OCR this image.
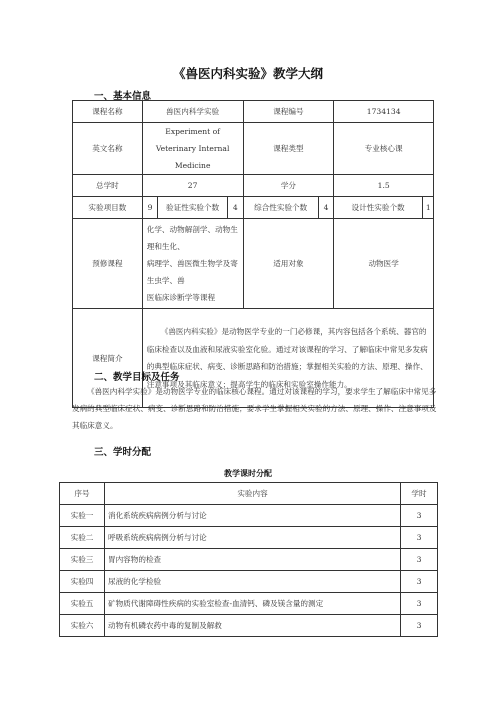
《兽医内科实验》教学大纲
一、基本信息
课程名称	兽医内科学实验			课程编号		1734134	
英文名称	Experiment of Veterinary Internal
Medicine			课程类型		专业核心课	
总学时	27			学分		1.5	
实验项目数	9	验证性实验个数	4	综合性实验个数	4	设计性实验个数	1
预修课程	化学、动物解剖学、动物生理和生化、
病理学、兽医微生物学及寄生虫学、兽
医临床诊断学等课程			适用对象		动物医学	
课程简介	《兽医内科实验》是动物医学专业的一门必修课，其内容包括各个系统、器官的临床检查以及血液和尿液实验室化验。通过对该课程的学习、了解临床中常见多发病的典型临床症状、病变、诊断思路和防治措施；掌握相关实验的方法、原理、操作、注意事项及其临床意义；提高学生的临床和实验室操作能力。						
二、教学目标及任务
《兽医内科学实验》是动物医学专业的临床核心课程。通过对该课程的学习，要求学生了解临床中常见多发病的典型临床症状、病变、诊断思路和防治措施；要求学生掌握相关实验的方法、原理、操作、注意事项及其临床意义。
三、学时分配
教学课时分配
序号	实验内容	学时
实验一	消化系统疾病病例分析与讨论	3
实验二	呼吸系统疾病病例分析与讨论	3
实验三	胃内容物的检查	3
实验四	尿液的化学检验	3
实验五	矿物质代谢障碍性疾病的实验室检查-血清钙、磷及镁含量的测定	3
实验六	动物有机磷农药中毒的复制及解救	3
